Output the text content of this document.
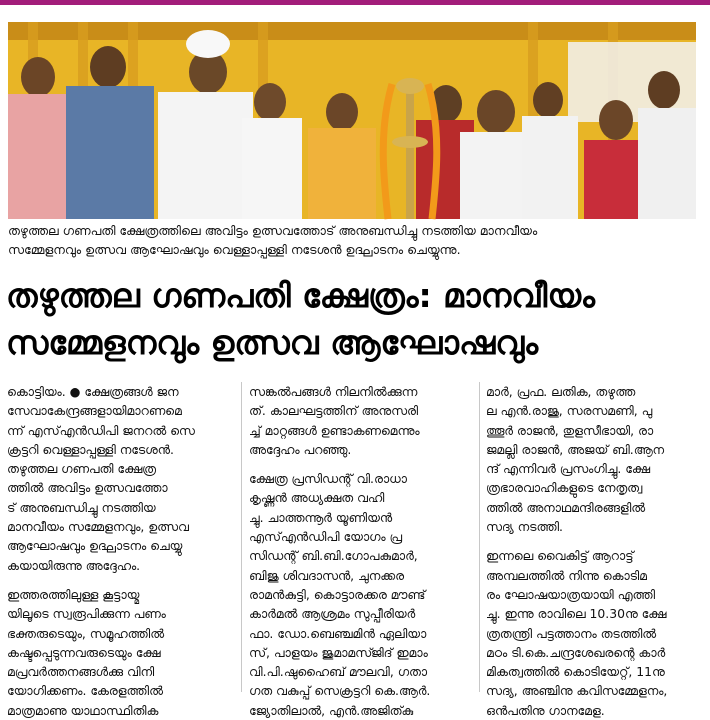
തഴുത്തല ഗണപതി ക്ഷേത്രത്തിലെ അവിട്ടം ഉത്സവത്തോട് അനുബന്ധിച്ചു നടത്തിയ മാനവീയം
സമ്മേളനവും ഉത്സവ ആഘോഷവും വെള്ളാപ്പള്ളി നടേശൻ ഉദ്ഘാടനം ചെയ്യുന്നു.
തഴുത്തല ഗണപതി ക്ഷേത്രം: മാനവീയം
സമ്മേളനവും ഉത്സവ ആഘോഷവും
കൊട്ടിയം. ● ക്ഷേത്രങ്ങൾ ജന
സേവാകേന്ദ്രങ്ങളായിമാറണമെ
ന്ന് എസ്എൻഡിപി ജനറൽ സെ
ക്രട്ടറി വെള്ളാപ്പള്ളി നടേശൻ.
തഴുത്തല ഗണപതി ക്ഷേത്ര
ത്തിൽ അവിട്ടം ഉത്സവത്തോ
ട് അനുബന്ധിച്ചു നടത്തിയ
മാനവീയം സമ്മേളനവും, ഉത്സവ
ആഘോഷവും ഉദ്ഘാടനം ചെയ്യു
കയായിരുന്നു അദ്ദേഹം.
ഇത്തരത്തിലുള്ള കൂട്ടായ്മ
യിലൂടെ സ്വരൂപിക്കുന്ന പണം
ഭക്തരുടെയും, സമൂഹത്തിൽ
കഷ്ടപ്പെടുന്നവരുടെയും ക്ഷേ
മപ്രവർത്തനങ്ങൾക്കു വിനി
യോഗിക്കണം. കേരളത്തിൽ
മാത്രമാണു യാഥാസ്ഥിതിക
സങ്കൽപങ്ങൾ നിലനിൽക്കുന്ന
ത്. കാലഘട്ടത്തിന് അനുസരി
ച്ച് മാറ്റങ്ങൾ ഉണ്ടാകണമെന്നും
അദ്ദേഹം പറഞ്ഞു.
ക്ഷേത്ര പ്രസിഡന്റ് വി.രാധാ
കൃഷ്ണൻ അധ്യക്ഷത വഹി
ച്ചു. ചാത്തന്നൂർ യൂണിയൻ
എസ്എൻഡിപി യോഗം പ്ര
സിഡന്റ് ബി.ബി.ഗോപകുമാർ,
ബിജു ശിവദാസൻ, ചുനക്കര
രാമൻകുട്ടി, കൊട്ടാരക്കര മൗണ്ട്
കാർമൽ ആശ്രമം സുപ്പീരിയർ
ഫാ. ഡോ.ബെഞ്ചമിൻ ഏലിയാ
സ്, പാളയം ജുമാമസ്ജിദ് ഇമാം
വി.പി.ഷുഹൈബ് മൗലവി, ഗതാ
ഗത വകുപ്പ് സെക്രട്ടറി കെ.ആർ.
ജ്യോതിലാൽ, എൻ.അജിത്കു
മാർ, പ്രഫ. ലതിക, തഴുത്ത
ല എൻ.രാജു, സരസമണി, പു
ത്തൂർ രാജൻ, തുളസീഭായി, രാ
ജമല്ലി രാജൻ, അജയ് ബി.ആന
ന്ദ് എന്നിവർ പ്രസംഗിച്ചു. ക്ഷേ
ത്രഭാരവാഹികളുടെ നേതൃത്വ
ത്തിൽ അനാഥമന്ദിരങ്ങളിൽ
സദ്യ നടത്തി.
ഇന്നലെ വൈകിട്ട് ആറാട്ട്
അമ്പലത്തിൽ നിന്നു കൊടിമ
രം ഘോഷയാത്രയായി എത്തി
ച്ചു. ഇന്നു രാവിലെ 10.30നു ക്ഷേ
ത്രതന്ത്രി പട്ടത്താനം തടത്തിൽ
മഠം ടി.കെ.ചന്ദ്രശേഖരന്റെ കാർ
മികത്വത്തിൽ കൊടിയേറ്റ്, 11നു
സദ്യ, അഞ്ചിനു കവിസമ്മേളനം,
ഒൻപതിനു ഗാനമേള.
